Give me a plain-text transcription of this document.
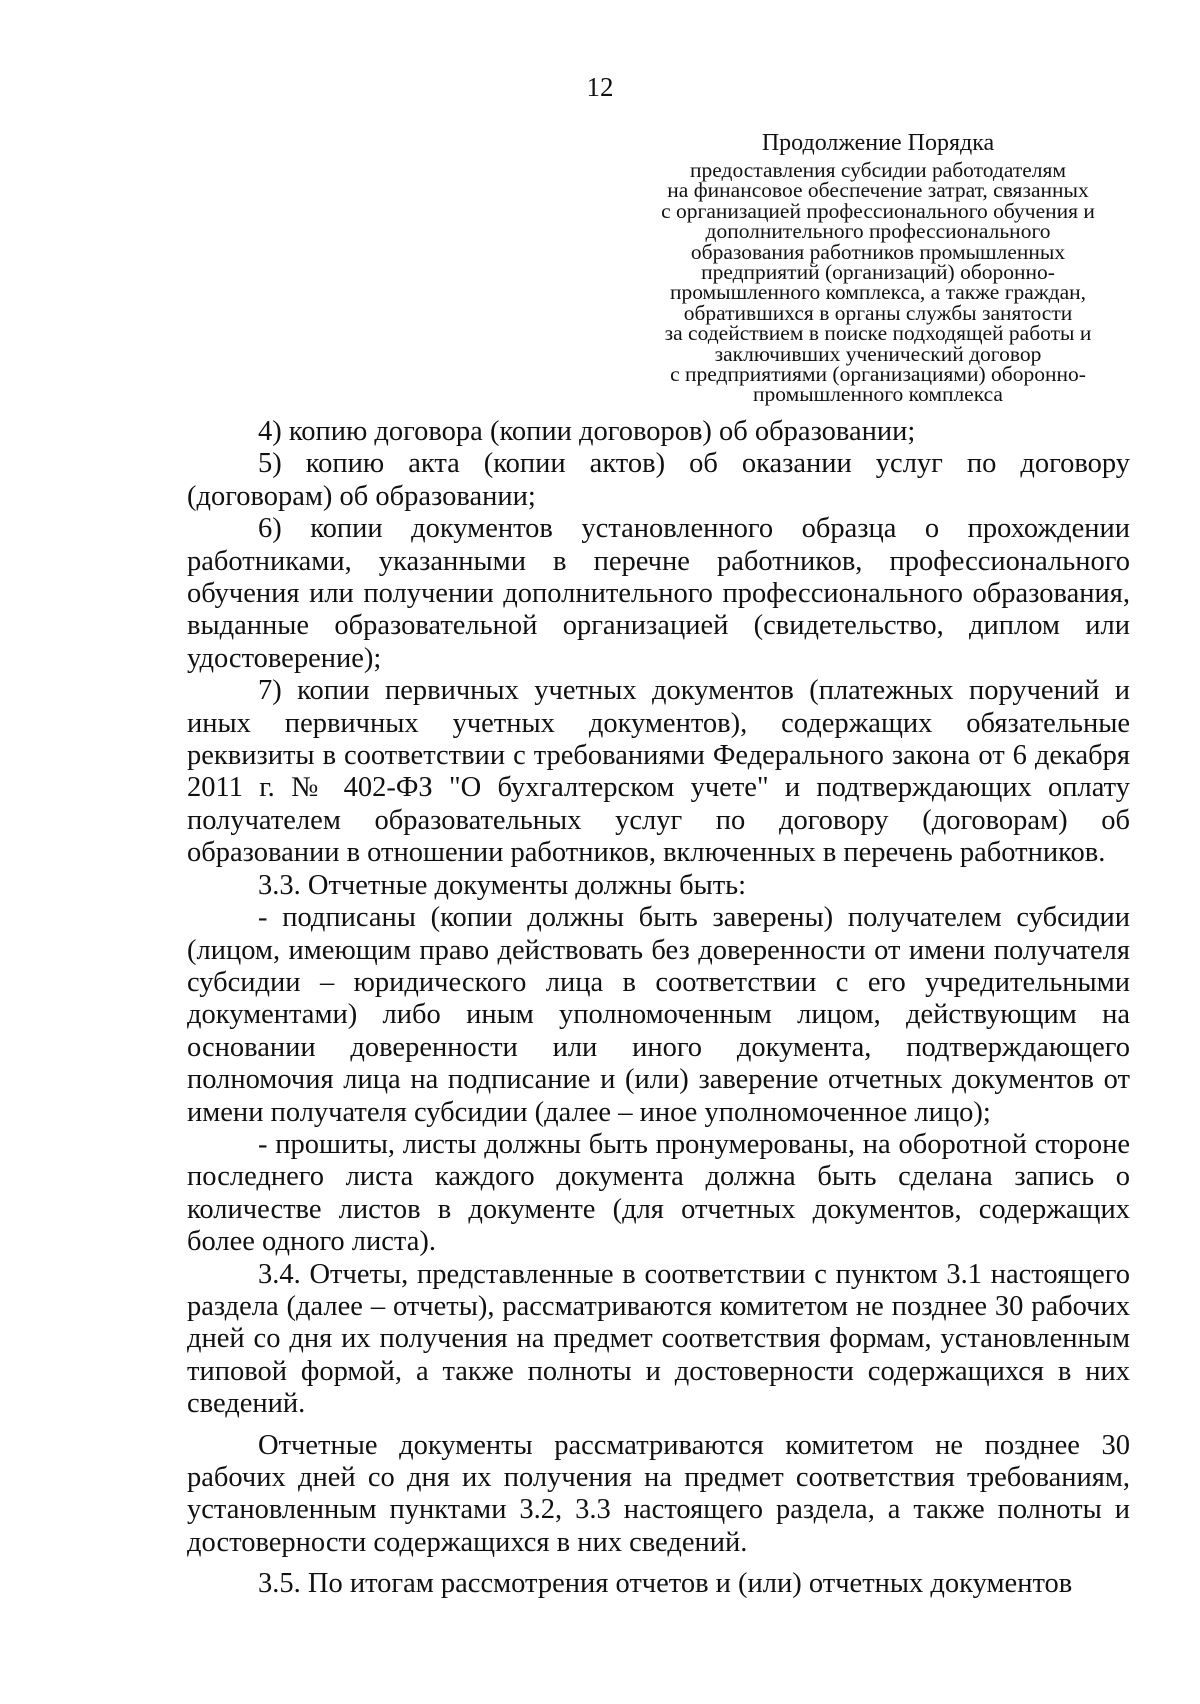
12
Продолжение Порядка
предоставления субсидии работодателям
на финансовое обеспечение затрат, связанных
с организацией профессионального обучения и
дополнительного профессионального
образования работников промышленных
предприятий (организаций) оборонно-
промышленного комплекса, а также граждан,
обратившихся в органы службы занятости
за содействием в поиске подходящей работы и
заключивших ученический договор
с предприятиями (организациями) оборонно-
промышленного комплекса

4) копию договора (копии договоров) об образовании;

5) копию акта (копии актов) об оказании услуг по договору (договорам) об образовании;

6) копии документов установленного образца о прохождении работниками, указанными в перечне работников, профессионального обучения или получении дополнительного профессионального образования, выданные образовательной организацией (свидетельство, диплом или удостоверение);

7) копии первичных учетных документов (платежных поручений и иных первичных учетных документов), содержащих обязательные реквизиты в соответствии с требованиями Федерального закона от 6 декабря 2011 г. № 402-ФЗ "О бухгалтерском учете" и подтверждающих оплату получателем образовательных услуг по договору (договорам) об образовании в отношении работников, включенных в перечень работников.

3.3. Отчетные документы должны быть:

- подписаны (копии должны быть заверены) получателем субсидии (лицом, имеющим право действовать без доверенности от имени получателя субсидии – юридического лица в соответствии с его учредительными документами) либо иным уполномоченным лицом, действующим на основании доверенности или иного документа, подтверждающего полномочия лица на подписание и (или) заверение отчетных документов от имени получателя субсидии (далее – иное уполномоченное лицо);

- прошиты, листы должны быть пронумерованы, на оборотной стороне последнего листа каждого документа должна быть сделана запись о количестве листов в документе (для отчетных документов, содержащих более одного листа).

3.4. Отчеты, представленные в соответствии с пунктом 3.1 настоящего раздела (далее – отчеты), рассматриваются комитетом не позднее 30 рабочих дней со дня их получения на предмет соответствия формам, установленным типовой формой, а также полноты и достоверности содержащихся в них сведений.

Отчетные документы рассматриваются комитетом не позднее 30 рабочих дней со дня их получения на предмет соответствия требованиям, установленным пунктами 3.2, 3.3 настоящего раздела, а также полноты и достоверности содержащихся в них сведений.

3.5. По итогам рассмотрения отчетов и (или) отчетных документов
